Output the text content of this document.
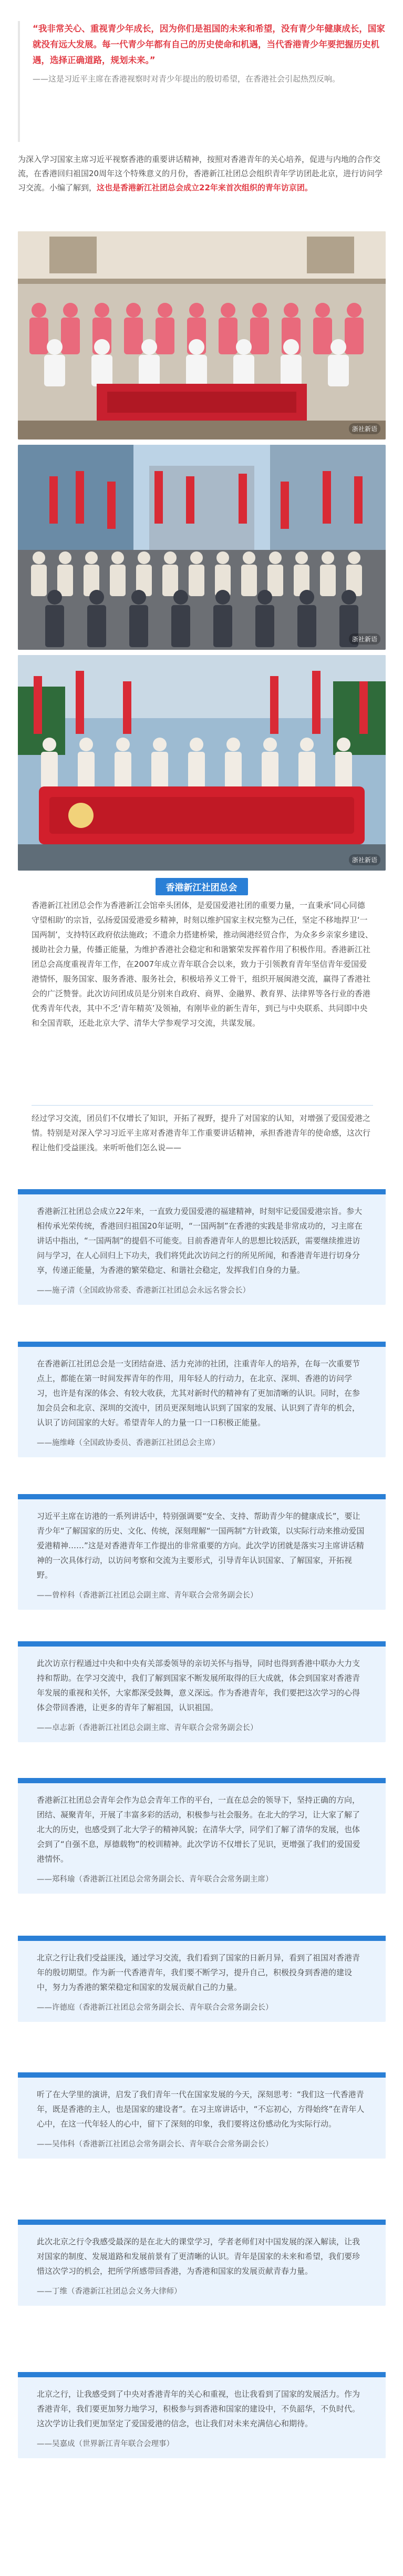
“我非常关心、重视青少年成长，因为你们是祖国的未来和希望，没有青少年健康成长，国家就没有远大发展。每一代青少年都有自己的历史使命和机遇，当代香港青少年要把握历史机遇，选择正确道路，规划未来。”

——这是习近平主席在香港视察时对青少年提出的殷切希望，在香港社会引起热烈反响。

为深入学习国家主席习近平视察香港的重要讲话精神，按照对香港青年的关心培养，促进与内地的合作交流，在香港回归祖国20周年这个特殊意义的月份，香港新江社团总会组织青年学访团赴北京，进行访问学习交流。小编了解到，这也是香港新江社团总会成立22年来首次组织的青年访京团。
浙社新语
浙社新语
浙社新语
香港新江社团总会
香港新江社团总会作为香港新江会馆牵头团体，是爱国爱港社团的重要力量，一直秉承‘同心同德 守望相助’的宗旨，弘扬爱国爱港爱乡精神，时刻以维护国家主权完整为己任，坚定不移地捍卫‘一国两制’，支持特区政府依法施政；不遗余力搭建桥梁，推动闽港经贸合作，为众多乡亲家乡建设、援助社会力量，传播正能量，为维护香港社会稳定和和谐繁荣发挥着作用了积极作用。香港新江社团总会高度重视青年工作，在2007年成立青年联合会以来，致力于引领教育青年坚信青年爱国爱港情怀，服务国家、服务香港、服务社会，积极培养义工骨干，组织开展闽港交流，赢得了香港社会的广泛赞誉。此次访问团成员是分别来自政府、商界、金融界、教育界、法律界等各行业的香港优秀青年代表，其中不乏‘青年精英’及领袖，有刚毕业的新生青年，到已与中央联系、共同即中央和全国青联，还赴北京大学、清华大学参观学习交流，共谋发展。

经过学习交流，团员们不仅增长了知识，开拓了视野，提升了对国家的认知，对增强了爱国爱港之情。特别是对深入学习习近平主席对香港青年工作重要讲话精神，承担香港青年的使命感，这次行程让他们受益匪浅。来听听他们怎么说——

香港新江社团总会成立22年来，一直致力爱国爱港的福建精神，时刻牢记爱国爱港宗旨。参大相传承光荣传统，香港回归祖国20年证明，“一国两制”在香港的实践是非常成功的，习主席在讲话中指出，“一国两制”的提倡不可能变。目前香港青年人的思想比较活跃，需要继续推进访问与学习，在人心回归上下功夫，我们将凭此次访问之行的所见所闻，和香港青年进行切身分享，传递正能量，为香港的繁荣稳定、和谐社会稳定，发挥我们自身的力量。

——施子清（全国政协常委、香港新江社团总会永远名誉会长）

在香港新江社团总会是一支团结奋进、活力充沛的社团，注重青年人的培养，在每一次重要节点上，都能在第一时间发挥青年的作用，用年轻人的行动力，在北京、深圳、香港的访问学习，也许是有深的体会、有较大收获，尤其对新时代的精神有了更加清晰的认识。同时，在参加会员会和北京、深圳的交流中，团员更深刻地认识到了国家的发展、认识到了青年的机会，认识了访问国家的大好。希望青年人的力量一口一口积极正能量。

——施维峰（全国政协委员、香港新江社团总会主席）

习近平主席在访港的一系列讲话中，特别强调要“安全、支持、帮助青少年的健康成长”，要让青少年“了解国家的历史、文化、传统，深刻理解“一国两制”方针政策，以实际行动来推动爱国爱港精神……”这是对香港青年工作提出的非常重要的方向。此次学访团就是落实习主席讲话精神的一次具体行动，以访问考察和交流为主要形式，引导青年认识国家、了解国家，开拓视野。

——曾梓科（香港新江社团总会副主席、青年联合会常务副会长）

此次访京行程通过中央和中央有关部委领导的亲切关怀与指导，同时也得到香港中联办大力支持和帮助。在学习交流中，我们了解到国家不断发展所取得的巨大成就，体会到国家对香港青年发展的重视和关怀，大家都深受鼓舞，意义深远。作为香港青年，我们要把这次学习的心得体会带回香港，让更多的青年了解祖国，认识祖国。

——卓志新（香港新江社团总会副主席、青年联合会常务副会长）

香港新江社团总会青年会作为总会青年工作的平台，一直在总会的领导下，坚持正确的方向，团结、凝聚青年，开展了丰富多彩的活动，积极参与社会服务。在北大的学习，让大家了解了北大的历史，也感受到了北大学子的精神风貌；在清华大学，同学们了解了清华的发展，也体会到了“自强不息，厚德载物”的校训精神。此次学访不仅增长了见识，更增强了我们的爱国爱港情怀。

——郑科瑜（香港新江社团总会常务副会长、青年联合会常务副主席）

北京之行让我们受益匪浅，通过学习交流，我们看到了国家的日新月异，看到了祖国对香港青年的殷切期望。作为新一代香港青年，我们要不断学习，提升自己，积极投身到香港的建设中，努力为香港的繁荣稳定和国家的发展贡献自己的力量。

——许德庭（香港新江社团总会常务副会长、青年联合会常务副会长）

听了在大学里的演讲，启发了我们青年一代在国家发展的今天，深刻思考：“我们这一代香港青年，既是香港的主人，也是国家的建设者”。在习主席讲话中，“不忘初心，方得始终”在青年人心中，在这一代年轻人的心中，留下了深刻的印象，我们要将这份感动化为实际行动。

——吴伟科（香港新江社团总会常务副会长、青年联合会常务副会长）

此次北京之行令我感受最深的是在北大的课堂学习，学者老师们对中国发展的深入解读，让我对国家的制度、发展道路和发展前景有了更清晰的认识。青年是国家的未来和希望，我们要珍惜这次学习的机会，把所学所感带回香港，为香港和国家的发展贡献青春力量。

——丁维（香港新江社团总会义务大律师）

北京之行，让我感受到了中央对香港青年的关心和重视，也让我看到了国家的发展活力。作为香港青年，我们要更加努力地学习，积极参与到香港和国家的建设中，不负韶华，不负时代。这次学访让我们更加坚定了爱国爱港的信念，也让我们对未来充满信心和期待。

——吴嘉成（世界新江青年联合会理事）
